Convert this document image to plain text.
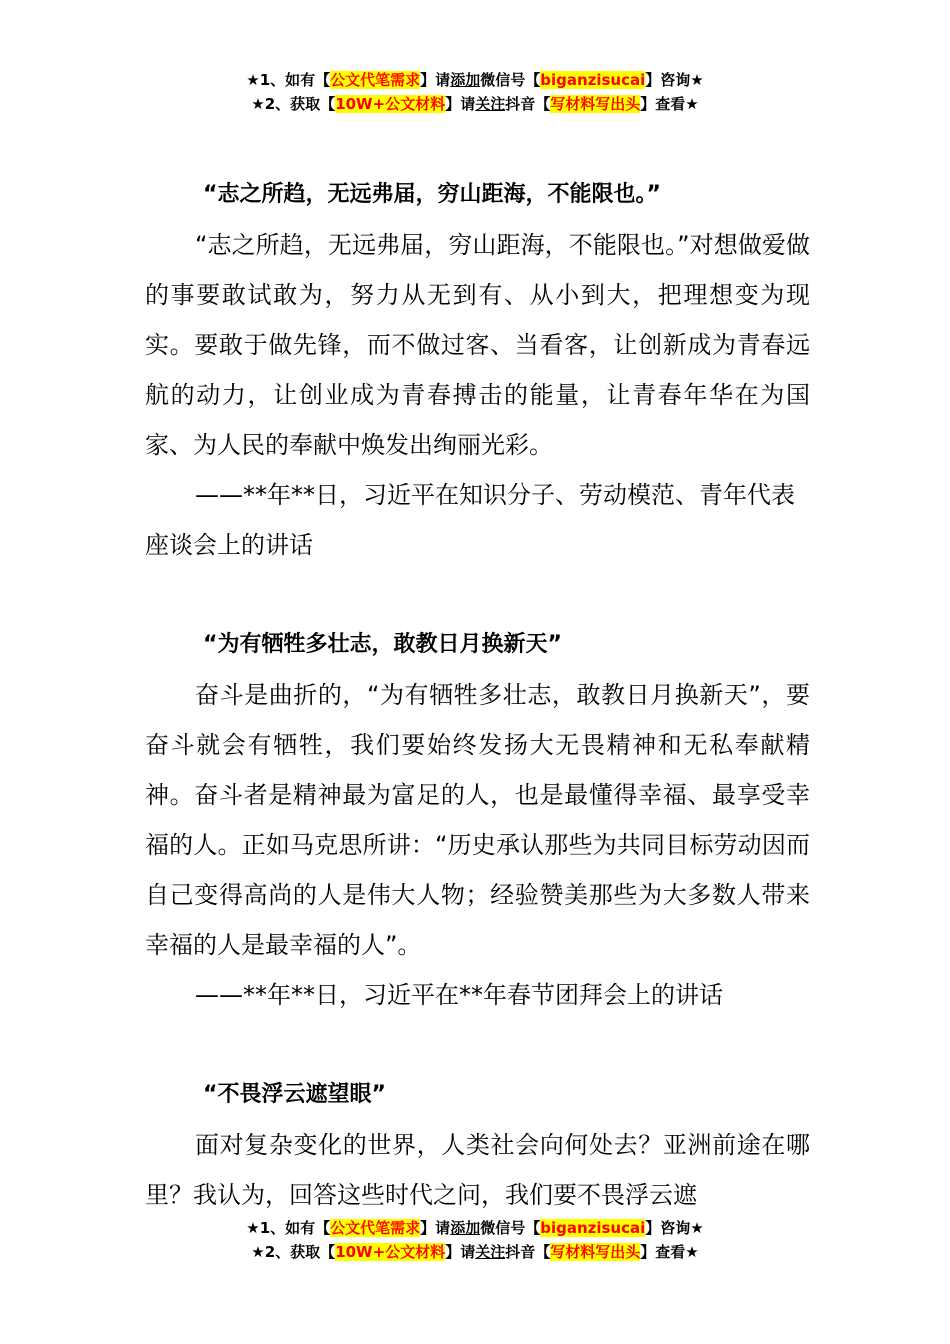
★1、如有【公文代笔需求】请添加微信号【biganzisucai】咨询★
★2、获取【10W+公文材料】请关注抖音【写材料写出头】查看★

“志之所趋，无远弗届，穷山距海，不能限也。”

“志之所趋，无远弗届，穷山距海，不能限也。”对想做爱做的事要敢试敢为，努力从无到有、从小到大，把理想变为现实。要敢于做先锋，而不做过客、当看客，让创新成为青春远航的动力，让创业成为青春搏击的能量，让青春年华在为国家、为人民的奉献中焕发出绚丽光彩。

——**年**日，习近平在知识分子、劳动模范、青年代表座谈会上的讲话

“为有牺牲多壮志，敢教日月换新天”

奋斗是曲折的，“为有牺牲多壮志，敢教日月换新天”，要奋斗就会有牺牲，我们要始终发扬大无畏精神和无私奉献精神。奋斗者是精神最为富足的人，也是最懂得幸福、最享受幸福的人。正如马克思所讲：“历史承认那些为共同目标劳动因而自己变得高尚的人是伟大人物；经验赞美那些为大多数人带来幸福的人是最幸福的人”。

——**年**日，习近平在**年春节团拜会上的讲话

“不畏浮云遮望眼”

面对复杂变化的世界，人类社会向何处去？亚洲前途在哪里？我认为，回答这些时代之问，我们要不畏浮云遮

★1、如有【公文代笔需求】请添加微信号【biganzisucai】咨询★
★2、获取【10W+公文材料】请关注抖音【写材料写出头】查看★
